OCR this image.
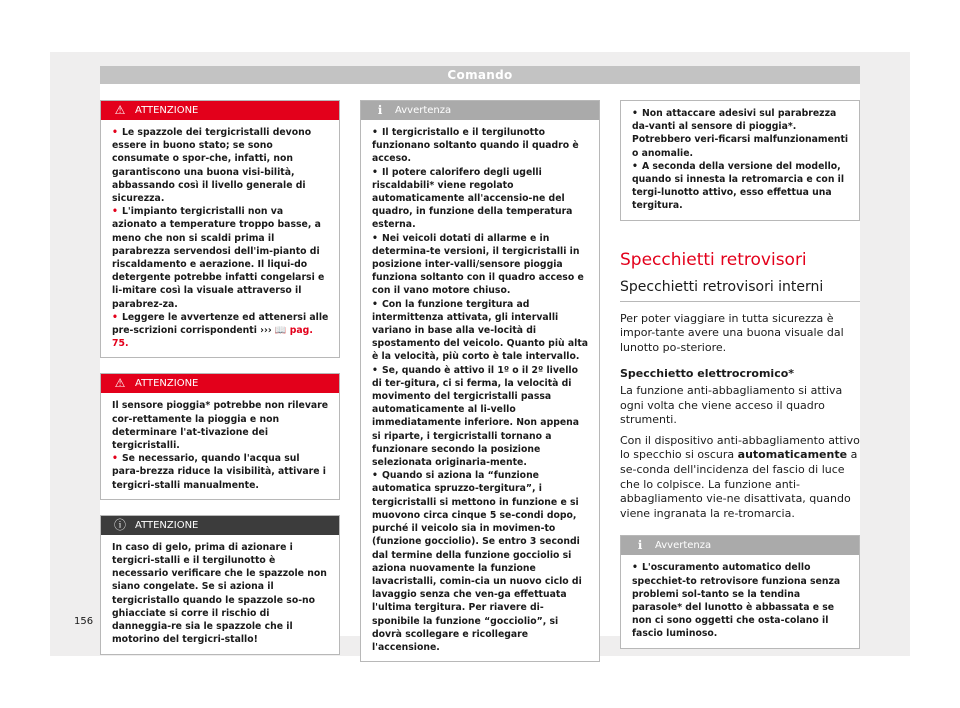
Comando
⚠ ATTENZIONE

• Le spazzole dei tergicristalli devono essere in buono stato; se sono consumate o spor-che, infatti, non garantiscono una buona visi-bilità, abbassando così il livello generale di sicurezza.

• L'impianto tergicristalli non va azionato a temperature troppo basse, a meno che non si scaldi prima il parabrezza servendosi dell'im-pianto di riscaldamento e aerazione. Il liqui-do detergente potrebbe infatti congelarsi e li-mitare così la visuale attraverso il parabrez-za.

• Leggere le avvertenze ed attenersi alle pre-scrizioni corrispondenti ››› 📖 pag. 75.

⚠ ATTENZIONE

Il sensore pioggia* potrebbe non rilevare cor-rettamente la pioggia e non determinare l'at-tivazione dei tergicristalli.

• Se necessario, quando l'acqua sul para-brezza riduce la visibilità, attivare i tergicri-stalli manualmente.

ⓘ ATTENZIONE

In caso di gelo, prima di azionare i tergicri-stalli e il tergilunotto è necessario verificare che le spazzole non siano congelate. Se si aziona il tergicristallo quando le spazzole so-no ghiacciate si corre il rischio di danneggia-re sia le spazzole che il motorino del tergicri-stallo!

ℹ	Avvertenza

• Il tergicristallo e il tergilunotto funzionano soltanto quando il quadro è acceso.

• Il potere calorifero degli ugelli riscaldabili* viene regolato automaticamente all'accensio-ne del quadro, in funzione della temperatura esterna.

• Nei veicoli dotati di allarme e in determina-te versioni, il tergicristalli in posizione inter-valli/sensore pioggia funziona soltanto con il quadro acceso e con il vano motore chiuso.

• Con la funzione tergitura ad intermittenza attivata, gli intervalli variano in base alla ve-locità di spostamento del veicolo. Quanto più alta è la velocità, più corto è tale intervallo.

• Se, quando è attivo il 1º o il 2º livello di ter-gitura, ci si ferma, la velocità di movimento del tergicristalli passa automaticamente al li-vello immediatamente inferiore. Non appena si riparte, i tergicristalli tornano a funzionare secondo la posizione selezionata originaria-mente.

• Quando si aziona la “funzione automatica spruzzo-tergitura”, i tergicristalli si mettono in funzione e si muovono circa cinque 5 se-condi dopo, purché il veicolo sia in movimen-to (funzione gocciolio). Se entro 3 secondi dal termine della funzione gocciolio si aziona nuovamente la funzione lavacristalli, comin-cia un nuovo ciclo di lavaggio senza che ven-ga effettuata l'ultima tergitura. Per riavere di-sponibile la funzione “gocciolio”, si dovrà scollegare e ricollegare l'accensione.

• Non attaccare adesivi sul parabrezza da-vanti al sensore di pioggia*. Potrebbero veri-ficarsi malfunzionamenti o anomalie.

• A seconda della versione del modello, quando si innesta la retromarcia e con il tergi-lunotto attivo, esso effettua una tergitura.

Specchietti retrovisori
Specchietti retrovisori interni

Per poter viaggiare in tutta sicurezza è impor-tante avere una buona visuale dal lunotto po-steriore.

Specchietto elettrocromico*

La funzione anti-abbagliamento si attiva ogni volta che viene acceso il quadro strumenti.

Con il dispositivo anti-abbagliamento attivo lo specchio si oscura automaticamente a se-conda dell'incidenza del fascio di luce che lo colpisce. La funzione anti-abbagliamento vie-ne disattivata, quando viene ingranata la re-tromarcia.

ℹ	Avvertenza

• L'oscuramento automatico dello specchiet-to retrovisore funziona senza problemi sol-tanto se la tendina parasole* del lunotto è abbassata e se non ci sono oggetti che osta-colano il fascio luminoso.

156
